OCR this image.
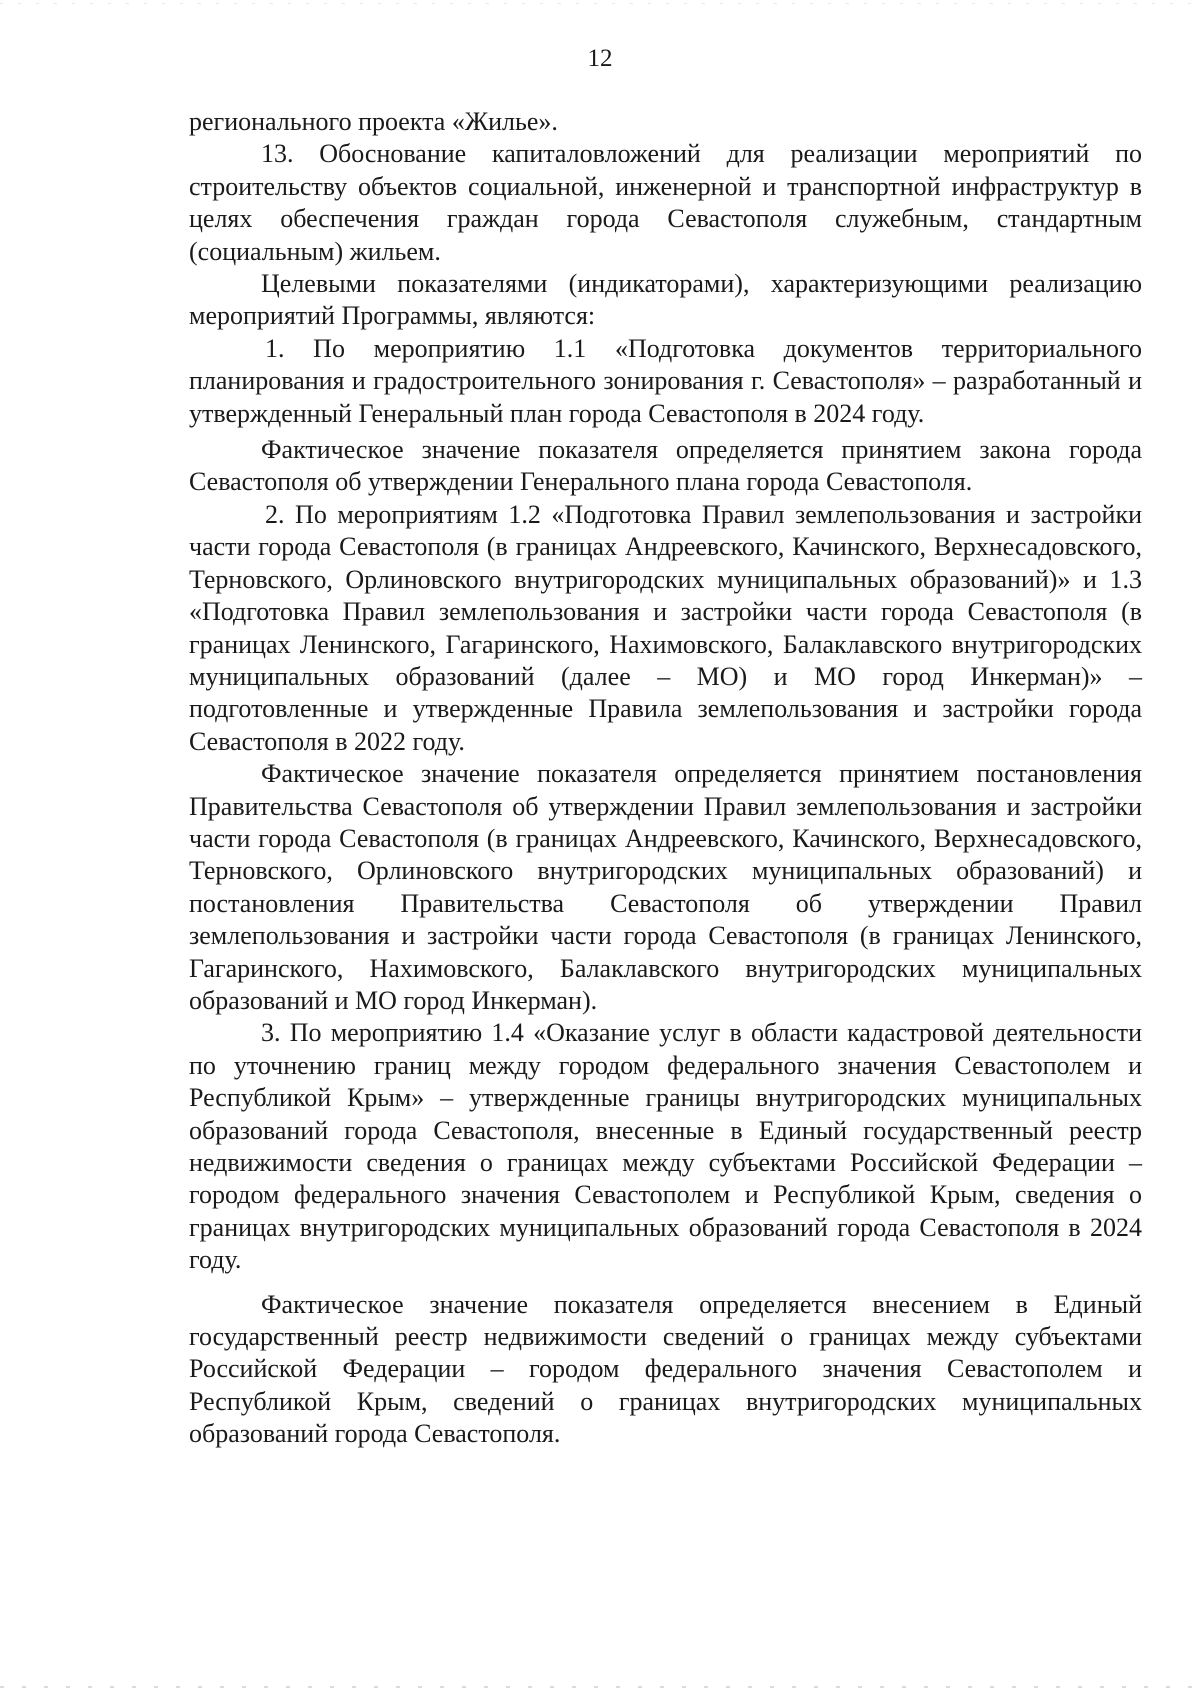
12

регионального проекта «Жилье».

13. Обоснование капиталовложений для реализации мероприятий по строительству объектов социальной, инженерной и транспортной инфраструктур в целях обеспечения граждан города Севастополя служебным, стандартным (социальным) жильем.

Целевыми показателями (индикаторами), характеризующими реализацию мероприятий Программы, являются:

1. По мероприятию 1.1 «Подготовка документов территориального планирования и градостроительного зонирования г. Севастополя» – разработанный и утвержденный Генеральный план города Севастополя в 2024 году.

Фактическое значение показателя определяется принятием закона города Севастополя об утверждении Генерального плана города Севастополя.

2. По мероприятиям 1.2 «Подготовка Правил землепользования и застройки части города Севастополя (в границах Андреевского, Качинского, Верхнесадовского, Терновского, Орлиновского внутригородских муниципальных образований)» и 1.3 «Подготовка Правил землепользования и застройки части города Севастополя (в границах Ленинского, Гагаринского, Нахимовского, Балаклавского внутригородских муниципальных образований (далее – МО) и МО город Инкерман)» – подготовленные и утвержденные Правила землепользования и застройки города Севастополя в 2022 году.

Фактическое значение показателя определяется принятием постановления Правительства Севастополя об утверждении Правил землепользования и застройки части города Севастополя (в границах Андреевского, Качинского, Верхнесадовского, Терновского, Орлиновского внутригородских муниципальных образований) и постановления Правительства Севастополя об утверждении Правил землепользования и застройки части города Севастополя (в границах Ленинского, Гагаринского, Нахимовского, Балаклавского внутригородских муниципальных образований и МО город Инкерман).

3. По мероприятию 1.4 «Оказание услуг в области кадастровой деятельности по уточнению границ между городом федерального значения Севастополем и Республикой Крым» – утвержденные границы внутригородских муниципальных образований города Севастополя, внесенные в Единый государственный реестр недвижимости сведения о границах между субъектами Российской Федерации – городом федерального значения Севастополем и Республикой Крым, сведения о границах внутригородских муниципальных образований города Севастополя в 2024 году.

Фактическое значение показателя определяется внесением в Единый государственный реестр недвижимости сведений о границах между субъектами Российской Федерации – городом федерального значения Севастополем и Республикой Крым, сведений о границах внутригородских муниципальных образований города Севастополя.
